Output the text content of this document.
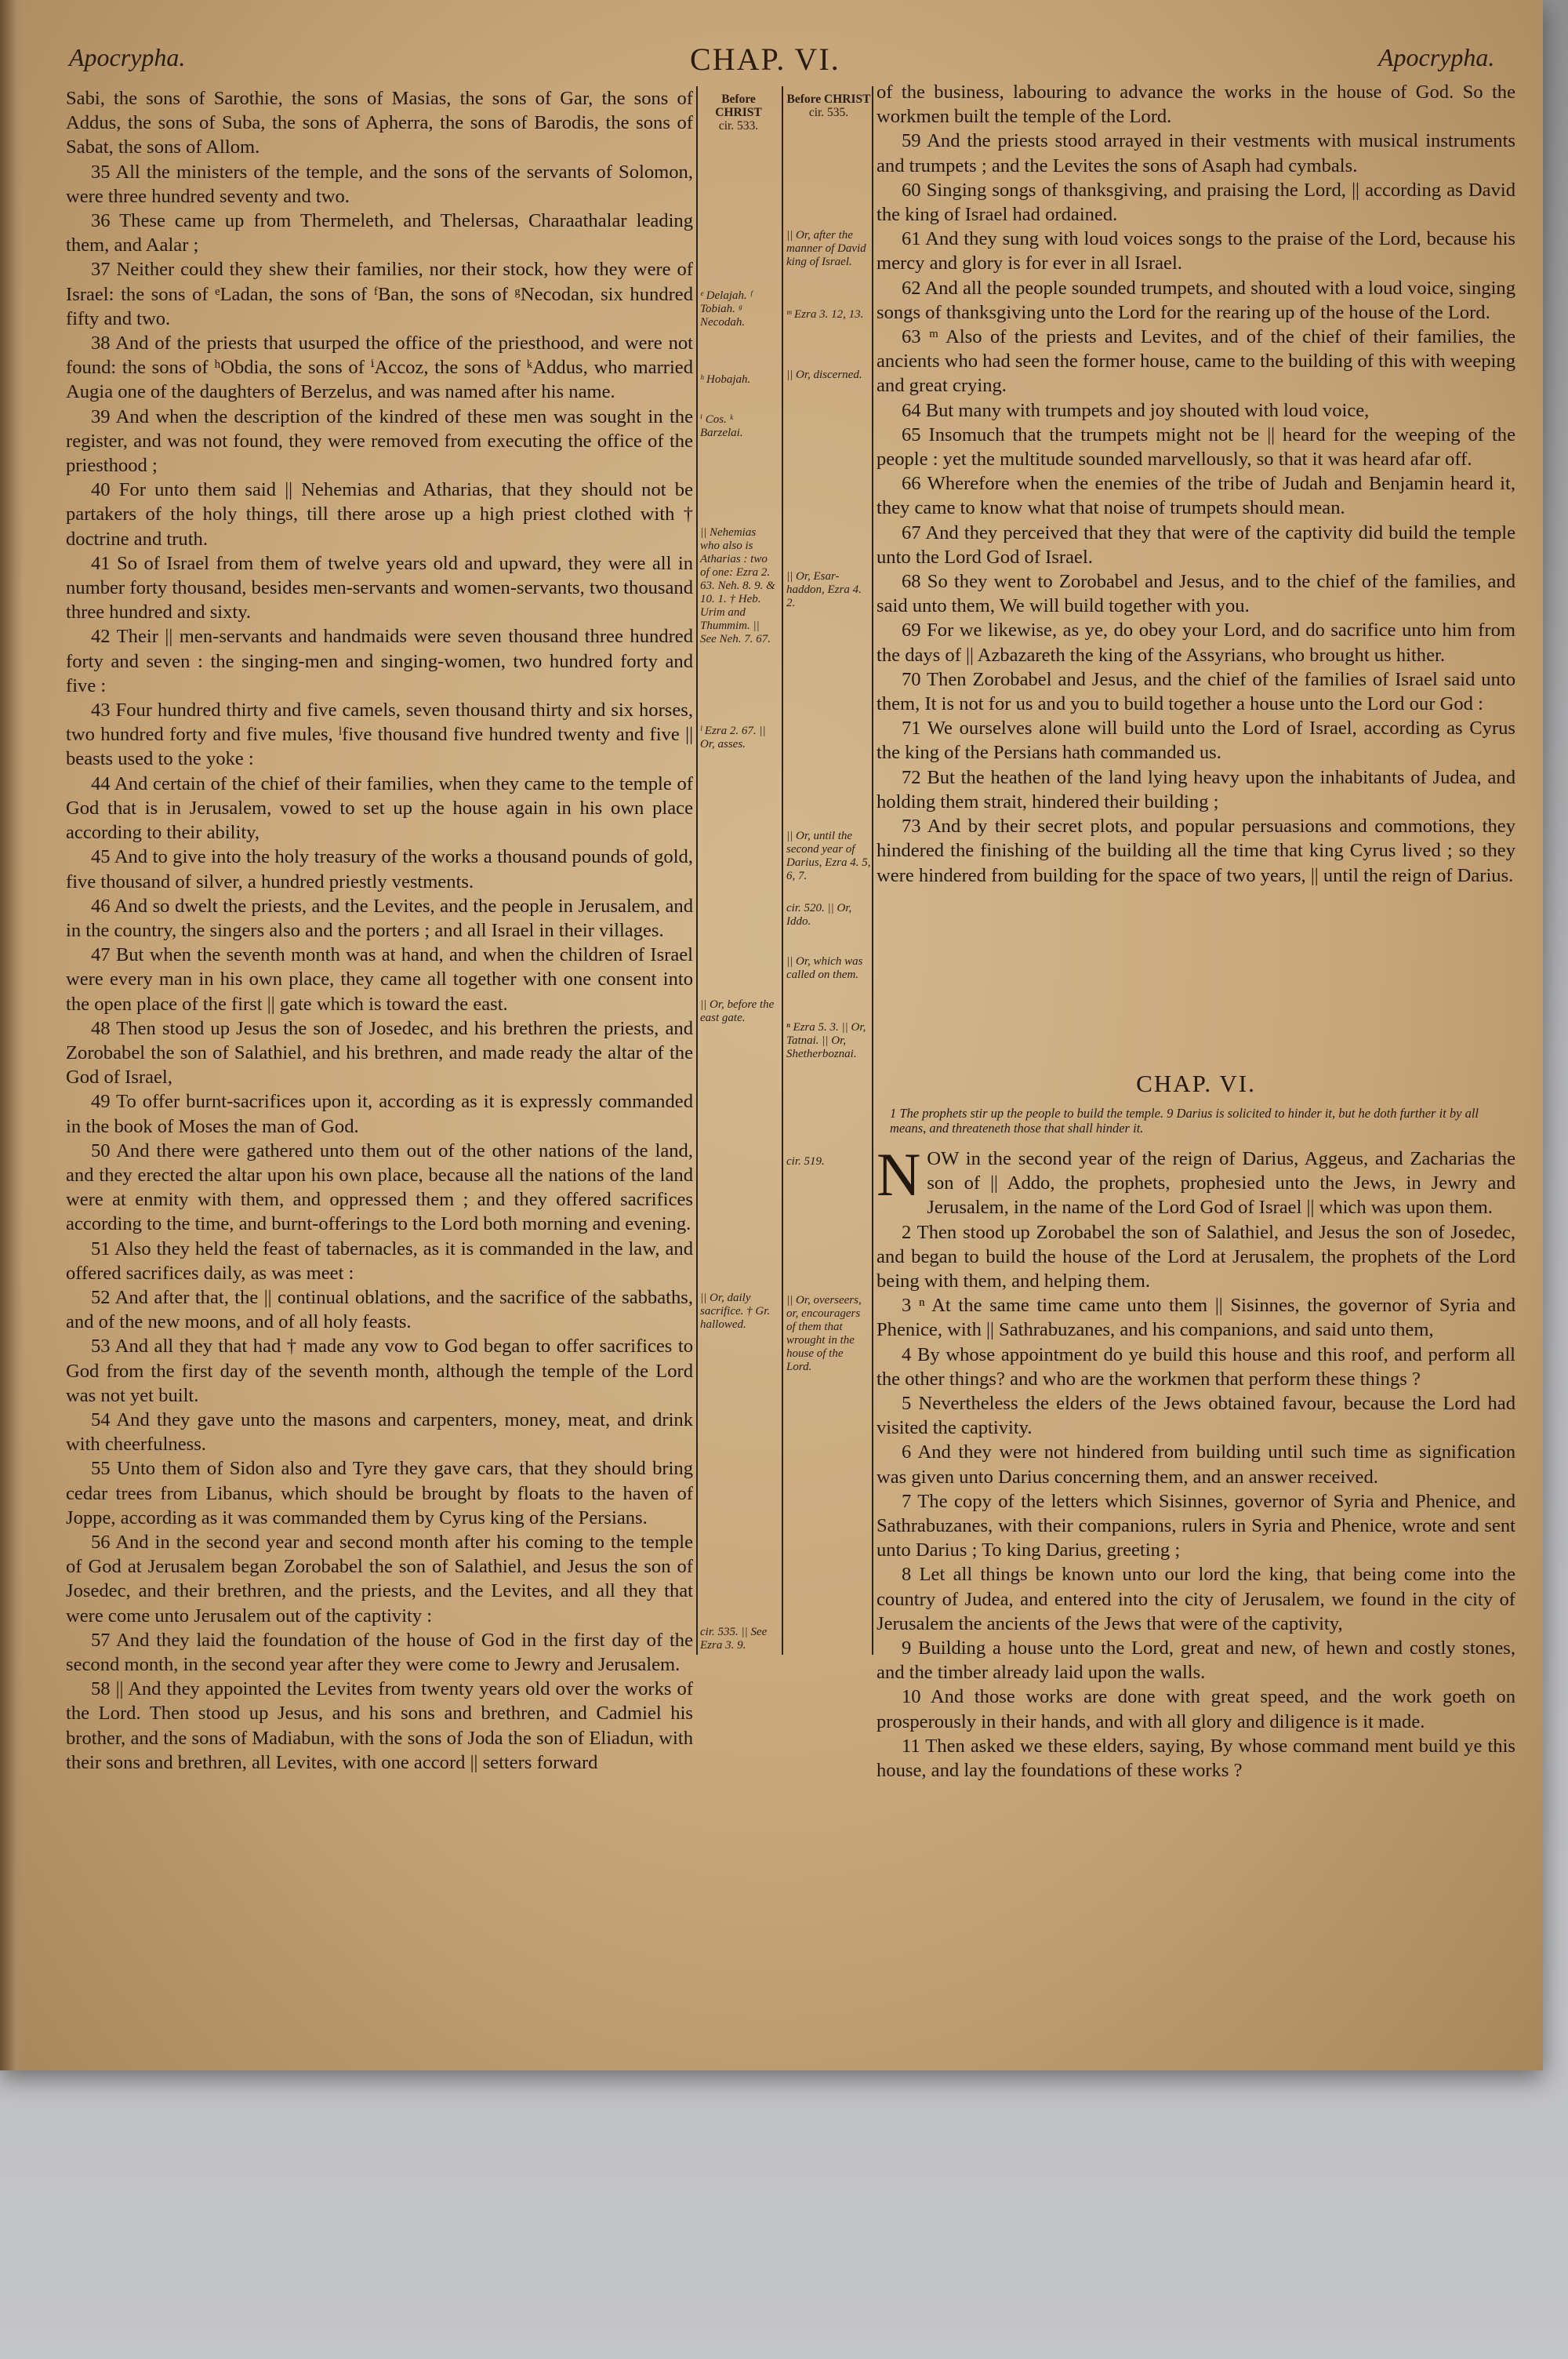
Apocrypha.	CHAP. VI.	Apocrypha.

Sabi, the sons of Sarothie, the sons of Masias, the sons of Gar, the sons of Addus, the sons of Suba, the sons of Apherra, the sons of Barodis, the sons of Sabat, the sons of Allom.

35 All the ministers of the temple, and the sons of the servants of Solomon, were three hundred seventy and two.

36 These came up from Thermeleth, and Thelersas, Charaathalar leading them, and Aalar ;

37 Neither could they shew their families, nor their stock, how they were of Israel: the sons of ᵉLadan, the sons of ᶠBan, the sons of ᵍNecodan, six hundred fifty and two.

38 And of the priests that usurped the office of the priesthood, and were not found: the sons of ʰObdia, the sons of ⁱAccoz, the sons of ᵏAddus, who married Augia one of the daughters of Berzelus, and was named after his name.

39 And when the description of the kindred of these men was sought in the register, and was not found, they were removed from executing the office of the priesthood ;

40 For unto them said || Nehemias and Atharias, that they should not be partakers of the holy things, till there arose up a high priest clothed with † doctrine and truth.

41 So of Israel from them of twelve years old and upward, they were all in number forty thousand, besides men-servants and women-servants, two thousand three hundred and sixty.

42 Their || men-servants and handmaids were seven thousand three hundred forty and seven : the singing-men and singing-women, two hundred forty and five :

43 Four hundred thirty and five camels, seven thousand thirty and six horses, two hundred forty and five mules, ˡfive thousand five hundred twenty and five || beasts used to the yoke :

44 And certain of the chief of their families, when they came to the temple of God that is in Jerusalem, vowed to set up the house again in his own place according to their ability,

45 And to give into the holy treasury of the works a thousand pounds of gold, five thousand of silver, a hundred priestly vestments.

46 And so dwelt the priests, and the Levites, and the people in Jerusalem, and in the country, the singers also and the porters ; and all Israel in their villages.

47 But when the seventh month was at hand, and when the children of Israel were every man in his own place, they came all together with one consent into the open place of the first || gate which is toward the east.

48 Then stood up Jesus the son of Josedec, and his brethren the priests, and Zorobabel the son of Salathiel, and his brethren, and made ready the altar of the God of Israel,

49 To offer burnt-sacrifices upon it, according as it is expressly commanded in the book of Moses the man of God.

50 And there were gathered unto them out of the other nations of the land, and they erected the altar upon his own place, because all the nations of the land were at enmity with them, and oppressed them ; and they offered sacrifices according to the time, and burnt-offerings to the Lord both morning and evening.

51 Also they held the feast of tabernacles, as it is commanded in the law, and offered sacrifices daily, as was meet :

52 And after that, the || continual oblations, and the sacrifice of the sabbaths, and of the new moons, and of all holy feasts.

53 And all they that had † made any vow to God began to offer sacrifices to God from the first day of the seventh month, although the temple of the Lord was not yet built.

54 And they gave unto the masons and carpenters, money, meat, and drink with cheerfulness.

55 Unto them of Sidon also and Tyre they gave cars, that they should bring cedar trees from Libanus, which should be brought by floats to the haven of Joppe, according as it was commanded them by Cyrus king of the Persians.

56 And in the second year and second month after his coming to the temple of God at Jerusalem began Zorobabel the son of Salathiel, and Jesus the son of Josedec, and their brethren, and the priests, and the Levites, and all they that were come unto Jerusalem out of the captivity :

57 And they laid the foundation of the house of God in the first day of the second month, in the second year after they were come to Jewry and Jerusalem.

58 || And they appointed the Levites from twenty years old over the works of the Lord. Then stood up Jesus, and his sons and brethren, and Cadmiel his brother, and the sons of Madiabun, with the sons of Joda the son of Eliadun, with their sons and brethren, all Levites, with one accord || setters forward

Before CHRIST
cir. 533.
ᵉ Delajah. ᶠ Tobiah. ᵍ Necodah.
ʰ Hobajah.
ⁱ Cos. ᵏ Barzelai.
|| Nehemias who also is Atharias : two of one: Ezra 2. 63. Neh. 8. 9. & 10. 1. † Heb. Urim and Thummim. || See Neh. 7. 67.
ˡ Ezra 2. 67. || Or, asses.
|| Or, before the east gate.
|| Or, daily sacrifice. † Gr. hallowed.
cir. 535. || See Ezra 3. 9.
Before CHRIST
cir. 535.
|| Or, after the manner of David king of Israel.
ᵐ Ezra 3. 12, 13.
|| Or, discerned.
|| Or, Esar-haddon, Ezra 4. 2.
|| Or, until the second year of Darius, Ezra 4. 5, 6, 7.
cir. 520. || Or, Iddo.
|| Or, which was called on them.
ⁿ Ezra 5. 3. || Or, Tatnai. || Or, Shetherboznai.
cir. 519.
|| Or, overseers, or, encouragers of them that wrought in the house of the Lord.

of the business, labouring to advance the works in the house of God. So the workmen built the temple of the Lord.

59 And the priests stood arrayed in their vestments with musical instruments and trumpets ; and the Levites the sons of Asaph had cymbals.

60 Singing songs of thanksgiving, and praising the Lord, || according as David the king of Israel had ordained.

61 And they sung with loud voices songs to the praise of the Lord, because his mercy and glory is for ever in all Israel.

62 And all the people sounded trumpets, and shouted with a loud voice, singing songs of thanksgiving unto the Lord for the rearing up of the house of the Lord.

63 ᵐ Also of the priests and Levites, and of the chief of their families, the ancients who had seen the former house, came to the building of this with weeping and great crying.

64 But many with trumpets and joy shouted with loud voice,

65 Insomuch that the trumpets might not be || heard for the weeping of the people : yet the multitude sounded marvellously, so that it was heard afar off.

66 Wherefore when the enemies of the tribe of Judah and Benjamin heard it, they came to know what that noise of trumpets should mean.

67 And they perceived that they that were of the captivity did build the temple unto the Lord God of Israel.

68 So they went to Zorobabel and Jesus, and to the chief of the families, and said unto them, We will build together with you.

69 For we likewise, as ye, do obey your Lord, and do sacrifice unto him from the days of || Azbazareth the king of the Assyrians, who brought us hither.

70 Then Zorobabel and Jesus, and the chief of the families of Israel said unto them, It is not for us and you to build together a house unto the Lord our God :

71 We ourselves alone will build unto the Lord of Israel, according as Cyrus the king of the Persians hath commanded us.

72 But the heathen of the land lying heavy upon the inhabitants of Judea, and holding them strait, hindered their building ;

73 And by their secret plots, and popular persuasions and commotions, they hindered the finishing of the building all the time that king Cyrus lived ; so they were hindered from building for the space of two years, || until the reign of Darius.

CHAP. VI.
1 The prophets stir up the people to build the temple. 9 Darius is solicited to hinder it, but he doth further it by all means, and threateneth those that shall hinder it.

NOW in the second year of the reign of Darius, Aggeus, and Zacharias the son of || Addo, the prophets, prophesied unto the Jews, in Jewry and Jerusalem, in the name of the Lord God of Israel || which was upon them.

2 Then stood up Zorobabel the son of Salathiel, and Jesus the son of Josedec, and began to build the house of the Lord at Jerusalem, the prophets of the Lord being with them, and helping them.

3 ⁿ At the same time came unto them || Sisinnes, the governor of Syria and Phenice, with || Sathrabuzanes, and his companions, and said unto them,

4 By whose appointment do ye build this house and this roof, and perform all the other things? and who are the workmen that perform these things ?

5 Nevertheless the elders of the Jews obtained favour, because the Lord had visited the captivity.

6 And they were not hindered from building until such time as signification was given unto Darius concerning them, and an answer received.

7 The copy of the letters which Sisinnes, governor of Syria and Phenice, and Sathrabuzanes, with their companions, rulers in Syria and Phenice, wrote and sent unto Darius ; To king Darius, greeting ;

8 Let all things be known unto our lord the king, that being come into the country of Judea, and entered into the city of Jerusalem, we found in the city of Jerusalem the ancients of the Jews that were of the captivity,

9 Building a house unto the Lord, great and new, of hewn and costly stones, and the timber already laid upon the walls.

10 And those works are done with great speed, and the work goeth on prosperously in their hands, and with all glory and diligence is it made.

11 Then asked we these elders, saying, By whose command ment build ye this house, and lay the foundations of these works ?
